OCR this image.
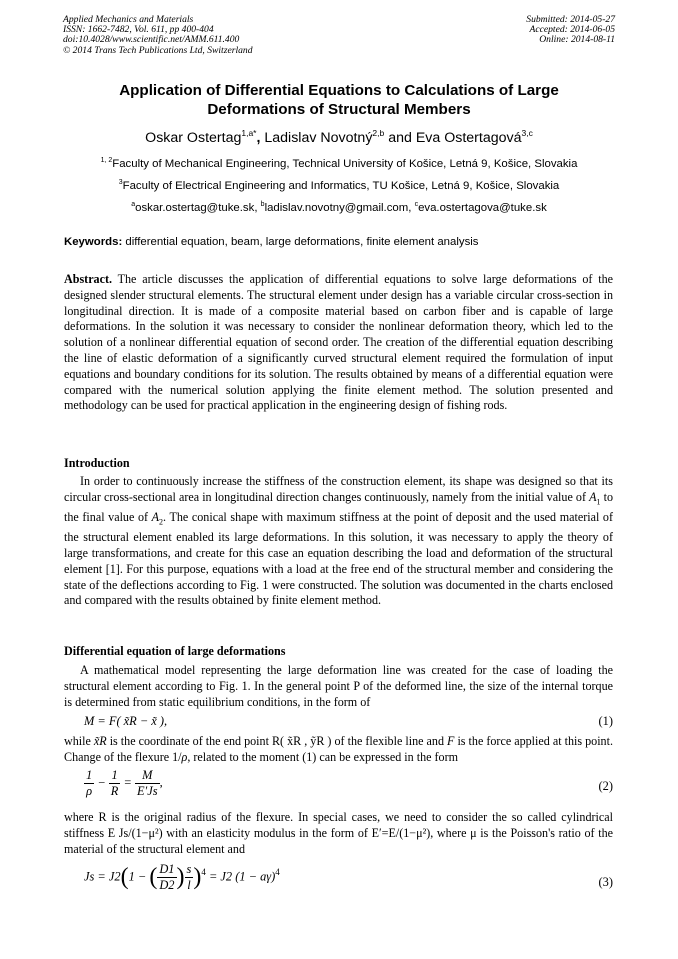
Applied Mechanics and Materials
ISSN: 1662-7482, Vol. 611, pp 400-404
doi:10.4028/www.scientific.net/AMM.611.400
© 2014 Trans Tech Publications Ltd, Switzerland
Submitted: 2014-05-27
Accepted: 2014-06-05
Online: 2014-08-11
Application of Differential Equations to Calculations of Large
Deformations of Structural Members
Oskar Ostertag$^{1,a*}$, Ladislav Novotný$^{2,b}$ and Eva Ostertagová$^{3,c}$
$^{1, 2}$Faculty of Mechanical Engineering, Technical University of Košice, Letná 9, Košice, Slovakia
$^3$Faculty of Electrical Engineering and Informatics, TU Košice, Letná 9, Košice, Slovakia
$^a$oskar.ostertag@tuke.sk, $^b$ladislav.novotny@gmail.com, $^c$eva.ostertagova@tuke.sk
Keywords: differential equation, beam, large deformations, finite element analysis
Abstract. The article discusses the application of differential equations to solve large deformations of the designed slender structural elements. The structural element under design has a variable circular cross-section in longitudinal direction. It is made of a composite material based on carbon fiber and is capable of large deformations. In the solution it was necessary to consider the nonlinear deformation theory, which led to the solution of a nonlinear differential equation of second order. The creation of the differential equation describing the line of elastic deformation of a significantly curved structural element required the formulation of input equations and boundary conditions for its solution. The results obtained by means of a differential equation were compared with the numerical solution applying the finite element method. The solution presented and methodology can be used for practical application in the engineering design of fishing rods.
Introduction
In order to continuously increase the stiffness of the construction element, its shape was designed so that its circular cross-sectional area in longitudinal direction changes continuously, namely from the initial value of $A_1$ to the final value of $A_2$. The conical shape with maximum stiffness at the point of deposit and the used material of the structural element enabled its large deformations. In this solution, it was necessary to apply the theory of large transformations, and create for this case an equation describing the load and deformation of the structural element [1]. For this purpose, equations with a load at the free end of the structural member and considering the state of the deflections according to Fig. 1 were constructed. The solution was documented in the charts enclosed and compared with the results obtained by finite element method.
Differential equation of large deformations
A mathematical model representing the large deformation line was created for the case of loading the structural element according to Fig. 1. In the general point P of the deformed line, the size of the internal torque is determined from static equilibrium conditions, in the form of
M = F( x̃R − x̃ ),	(1)
while x̃R is the coordinate of the end point R( x̃R , ỹR ) of the flexible line and F is the force applied at this point. Change of the flexure 1/ρ, related to the moment (1) can be expressed in the form
$\frac{1}{\rho} - \frac{1}{R} = \frac{M}{E'Js}$ ,	(2)
where R is the original radius of the flexure. In special cases, we need to consider the so called cylindrical stiffness E Js/(1−μ²) with an elasticity modulus in the form of E′=E/(1−μ²), where μ is the Poisson's ratio of the material of the structural element and
Js = J2(1 − ( $\frac{D1}{D2}$ ) $\frac{s}{l} )^4 = J2$ $(1 - a\gamma)^4$
(3)
